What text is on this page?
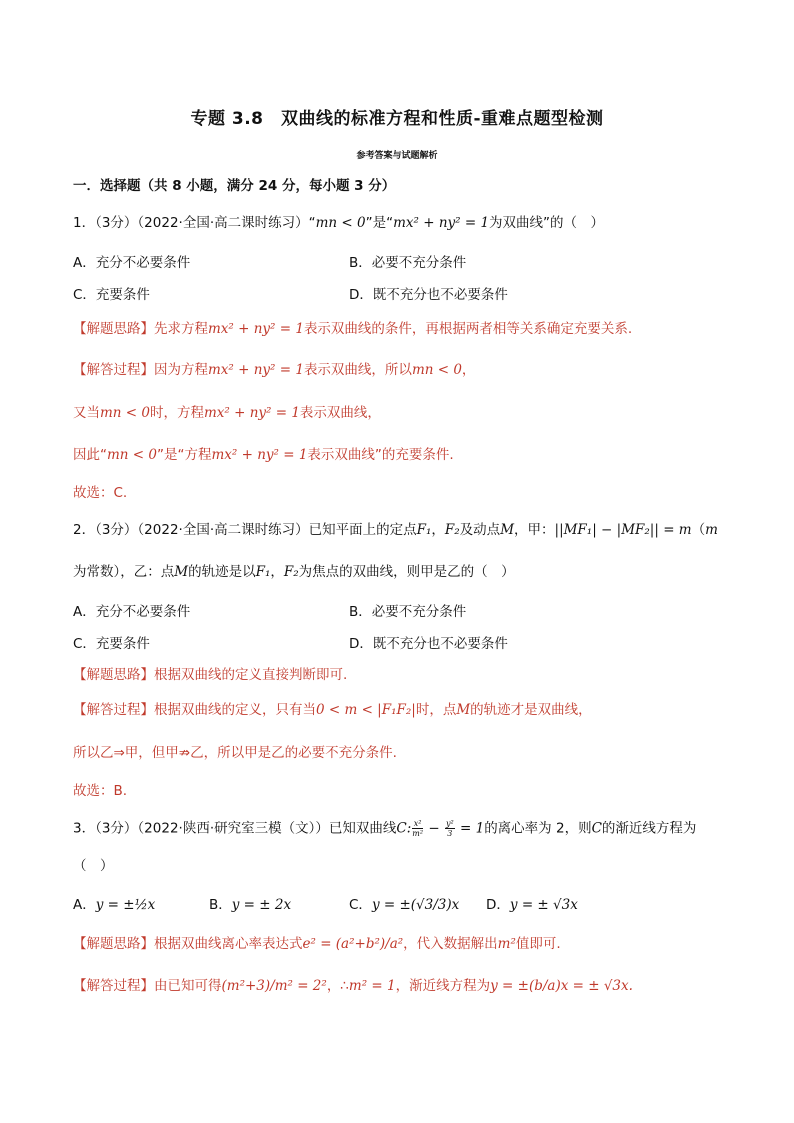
专题 3.8　双曲线的标准方程和性质-重难点题型检测
参考答案与试题解析
一．选择题（共 8 小题，满分 24 分，每小题 3 分）
1．（3分）（2022·全国·高二课时练习）“mn < 0”是“mx² + ny² = 1为双曲线”的（　）
A．充分不必要条件	B．必要不充分条件
C．充要条件	D．既不充分也不必要条件
【解题思路】先求方程mx² + ny² = 1表示双曲线的条件，再根据两者相等关系确定充要关系.
【解答过程】因为方程mx² + ny² = 1表示双曲线，所以mn < 0，
又当mn < 0时，方程mx² + ny² = 1表示双曲线，
因此“mn < 0”是“方程mx² + ny² = 1表示双曲线”的充要条件.
故选：C.
2．（3分）（2022·全国·高二课时练习）已知平面上的定点F₁，F₂及动点M，甲：||MF₁| − |MF₂|| = m（m
为常数），乙：点M的轨迹是以F₁，F₂为焦点的双曲线，则甲是乙的（　）
A．充分不必要条件	B．必要不充分条件
C．充要条件	D．既不充分也不必要条件
【解题思路】根据双曲线的定义直接判断即可.
【解答过程】根据双曲线的定义，只有当0 < m < |F₁F₂|时，点M的轨迹才是双曲线，
所以乙⇒甲，但甲⇏乙，所以甲是乙的必要不充分条件.
故选：B.
3．（3分）（2022·陕西·研究室三模（文））已知双曲线C: $\frac{\text{x²}}{\text{m²}} - \frac{\text{y²}}{3} = 1$的离心率为 2，则C的渐近线方程为
（　）
A．y = ±½x	B．y = ± 2x	C．y = ±(√3/3)x D．y = ± √3x
【解题思路】根据双曲线离心率表达式e² = (a²+b²)/a²，代入数据解出m²值即可.
【解答过程】由已知可得(m²+3)/m² = 2²，∴m² = 1，渐近线方程为y = ±(b/a)x = ± √3x.
